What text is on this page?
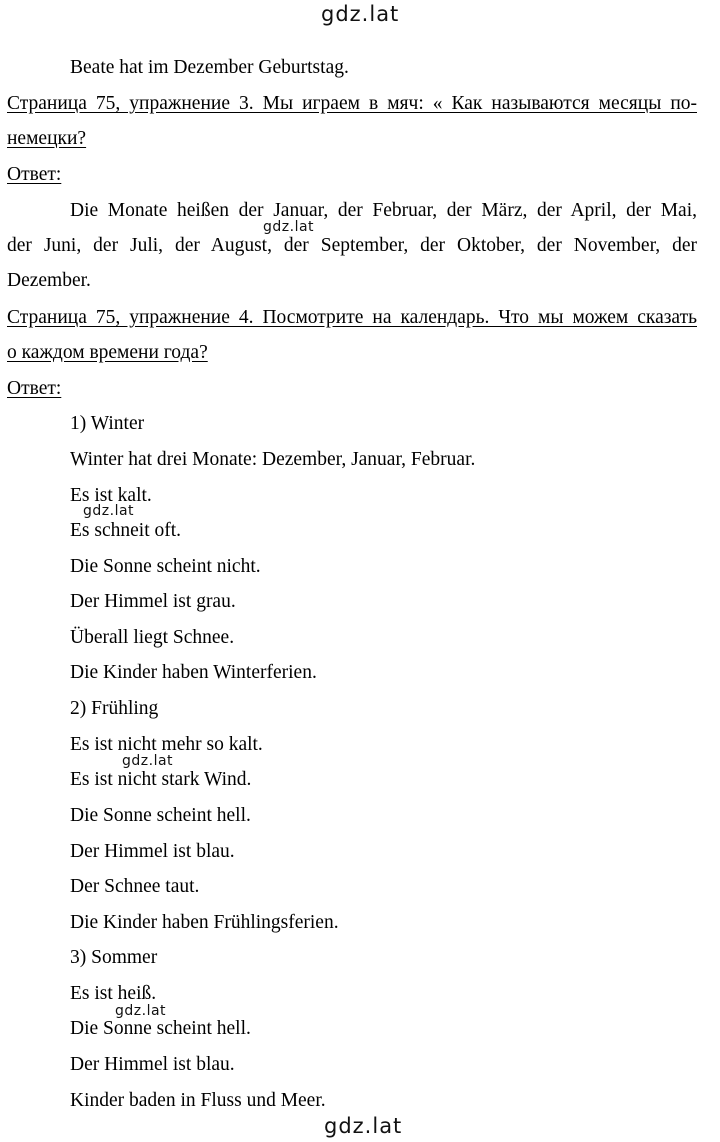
gdz.lat
gdz.lat
gdz.lat
gdz.lat
gdz.lat
gdz.lat
Beate hat im Dezember Geburtstag.
Страница 75, упражнение 3. Мы играем в мяч: « Как называются месяцы по-
немецки?
Ответ:
Die Monate heißen der Januar, der Februar, der März, der April, der Mai,
der Juni, der Juli, der August, der September, der Oktober, der November, der
Dezember.
Страница 75, упражнение 4. Посмотрите на календарь. Что мы можем сказать
о каждом времени года?
Ответ:
1) Winter
Winter hat drei Monate: Dezember, Januar, Februar.
Es ist kalt.
Es schneit oft.
Die Sonne scheint nicht.
Der Himmel ist grau.
Überall liegt Schnee.
Die Kinder haben Winterferien.
2) Frühling
Es ist nicht mehr so kalt.
Es ist nicht stark Wind.
Die Sonne scheint hell.
Der Himmel ist blau.
Der Schnee taut.
Die Kinder haben Frühlingsferien.
3) Sommer
Es ist heiß.
Die Sonne scheint hell.
Der Himmel ist blau.
Kinder baden in Fluss und Meer.
